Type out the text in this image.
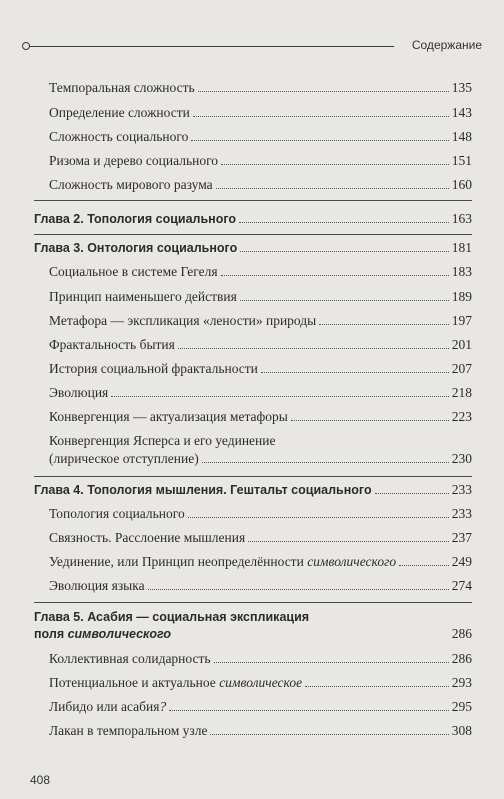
Содержание
Темпоральная сложность	135
Определение сложности	143
Сложность социального	148
Ризома и дерево социального	151
Сложность мирового разума	160
Глава 2. Топология социального	163
Глава 3. Онтология социального	181
Социальное в системе Гегеля	183
Принцип наименьшего действия	189
Метафора — экспликация «лености» природы	197
Фрактальность бытия	201
История социальной фрактальности	207
Эволюция	218
Конвергенция — актуализация метафоры	223
Конвергенция Ясперса и его уединение
(лирическое отступление)	230
Глава 4. Топология мышления. Гештальт социального	233
Топология социального	233
Связность. Расслоение мышления	237
Уединение, или Принцип неопределённости символического	249
Эволюция языка	274
Глава 5. Асабия — социальная экспликация
поля символического	286
Коллективная солидарность	286
Потенциальное и актуальное символическое	293
Либидо или асабия?	295
Лакан в темпоральном узле	308
408
